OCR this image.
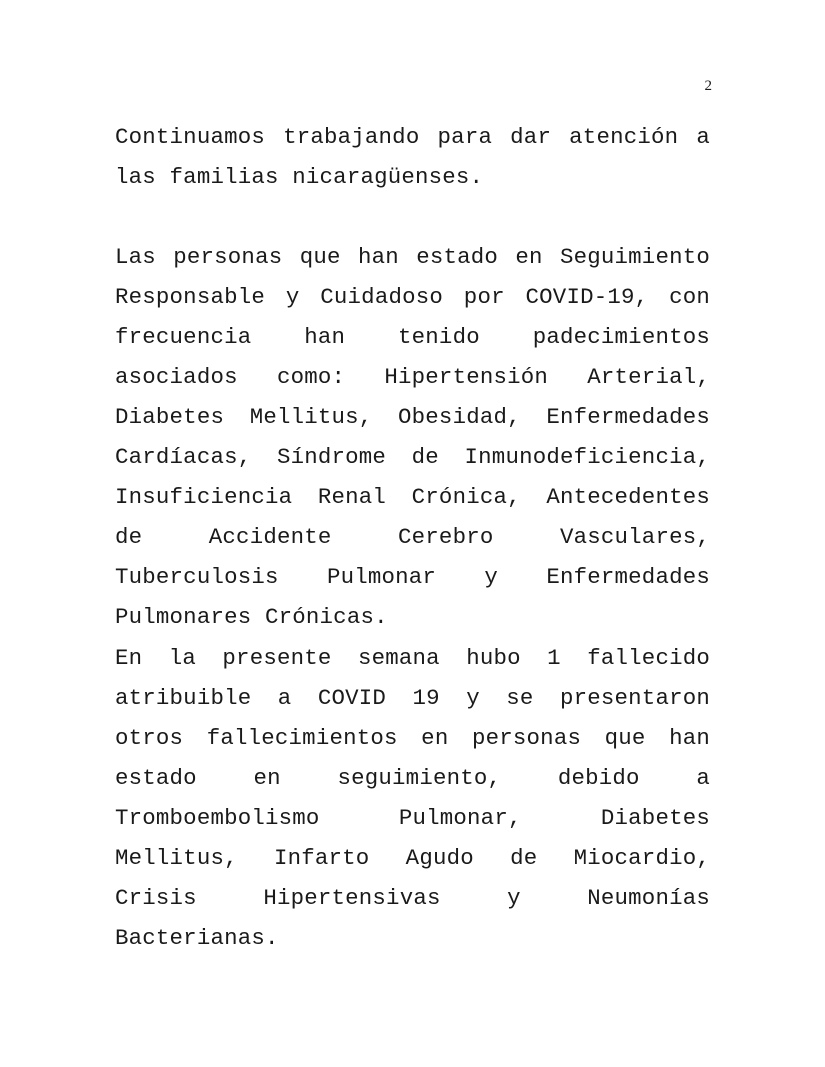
2

Continuamos trabajando para dar atención a las familias nicaragüenses.

Las personas que han estado en Seguimiento Responsable y Cuidadoso por COVID-19, con frecuencia han tenido padecimientos asociados como: Hipertensión Arterial, Diabetes Mellitus, Obesidad, Enfermedades Cardíacas, Síndrome de Inmunodeficiencia, Insuficiencia Renal Crónica, Antecedentes de Accidente Cerebro Vasculares, Tuberculosis Pulmonar y Enfermedades Pulmonares Crónicas.

En la presente semana hubo 1 fallecido atribuible a COVID 19 y se presentaron otros fallecimientos en personas que han estado en seguimiento, debido a Tromboembolismo Pulmonar, Diabetes Mellitus, Infarto Agudo de Miocardio, Crisis Hipertensivas y Neumonías Bacterianas.
